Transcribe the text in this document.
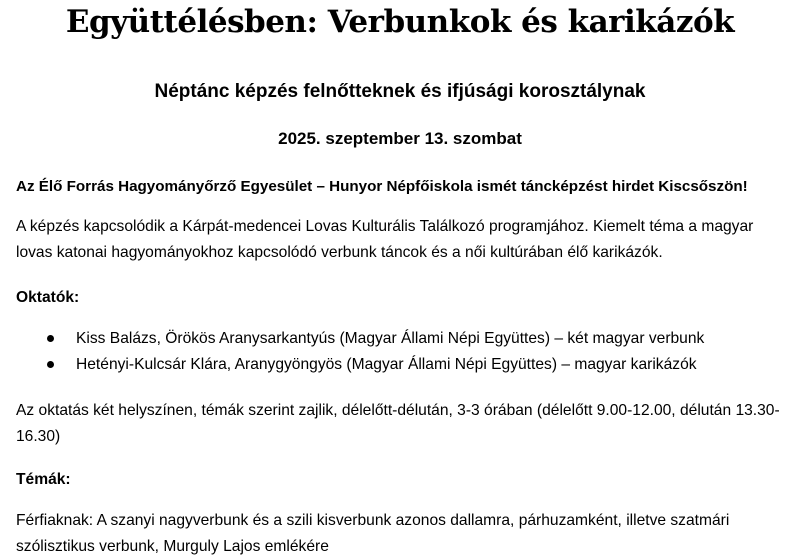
Együttélésben: Verbunkok és karikázók
Néptánc képzés felnőtteknek és ifjúsági korosztálynak
2025. szeptember 13. szombat
Az Élő Forrás Hagyományőrző Egyesület – Hunyor Népfőiskola ismét táncképzést hirdet Kiscsőszön!
A képzés kapcsolódik a Kárpát-medencei Lovas Kulturális Találkozó programjához. Kiemelt téma a magyar lovas katonai hagyományokhoz kapcsolódó verbunk táncok és a női kultúrában élő karikázók.
Oktatók:
Kiss Balázs, Örökös Aranysarkantyús (Magyar Állami Népi Együttes) – két magyar verbunk
Hetényi-Kulcsár Klára, Aranygyöngyös (Magyar Állami Népi Együttes) – magyar karikázók
Az oktatás két helyszínen, témák szerint zajlik, délelőtt-délután, 3-3 órában (délelőtt 9.00-12.00, délután 13.30-16.30)
Témák:
Férfiaknak: A szanyi nagyverbunk és a szili kisverbunk azonos dallamra, párhuzamként, illetve szatmári szólisztikus verbunk, Murguly Lajos emlékére
